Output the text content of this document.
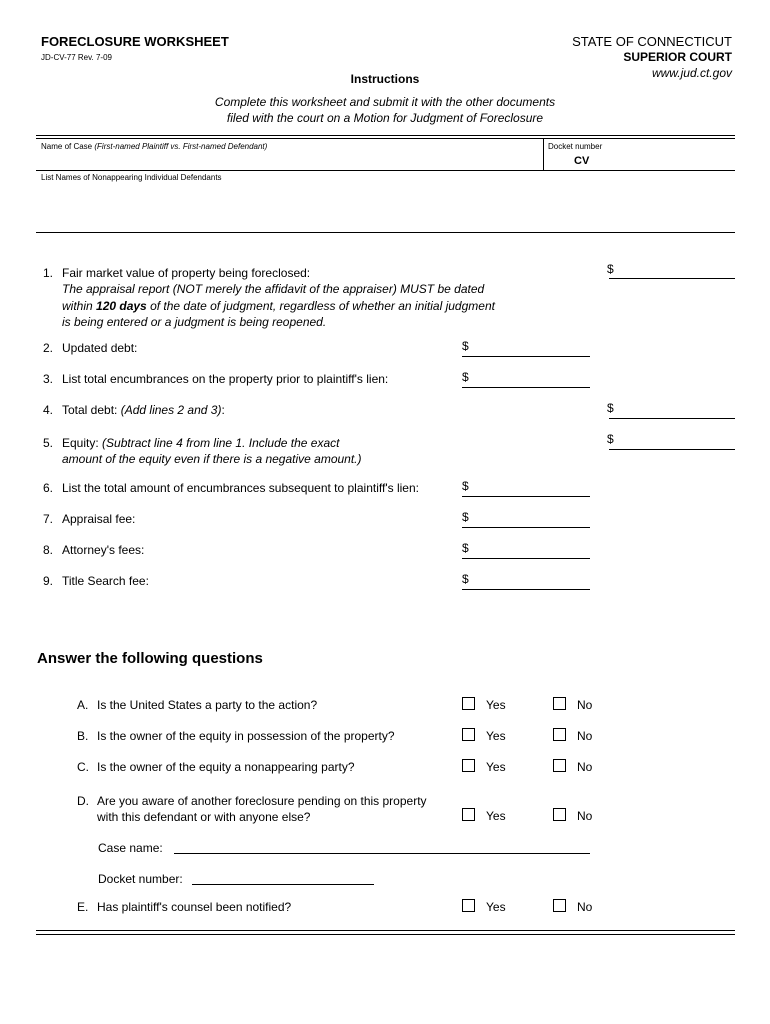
FORECLOSURE WORKSHEET
JD-CV-77 Rev. 7-09
STATE OF CONNECTICUT
SUPERIOR COURT
www.jud.ct.gov
Instructions
Complete this worksheet and submit it with the other documents
filed with the court on a Motion for Judgment of Foreclosure
Name of Case (First-named Plaintiff vs. First-named Defendant)	Docket number
CV
List Names of Nonappearing Individual Defendants
1. Fair market value of property being foreclosed:
The appraisal report (NOT merely the affidavit of the appraiser) MUST be dated
within 120 days of the date of judgment, regardless of whether an initial judgment
is being entered or a judgment is being reopened.
$
2. Updated debt:	$
3. List total encumbrances on the property prior to plaintiff's lien:	$
4. Total debt: (Add lines 2 and 3):	$
5. Equity: (Subtract line 4 from line 1. Include the exact
amount of the equity even if there is a negative amount.)
$
6. List the total amount of encumbrances subsequent to plaintiff's lien:	$
7. Appraisal fee:	$
8. Attorney's fees:	$
9. Title Search fee:	$
Answer the following questions
A. Is the United States a party to the action?	Yes	No
B. Is the owner of the equity in possession of the property?	Yes	No
C. Is the owner of the equity a nonappearing party?	Yes	No
D. Are you aware of another foreclosure pending on this property
with this defendant or with anyone else?	Yes	No
Case name:
Docket number:
E. Has plaintiff's counsel been notified?	Yes	No
